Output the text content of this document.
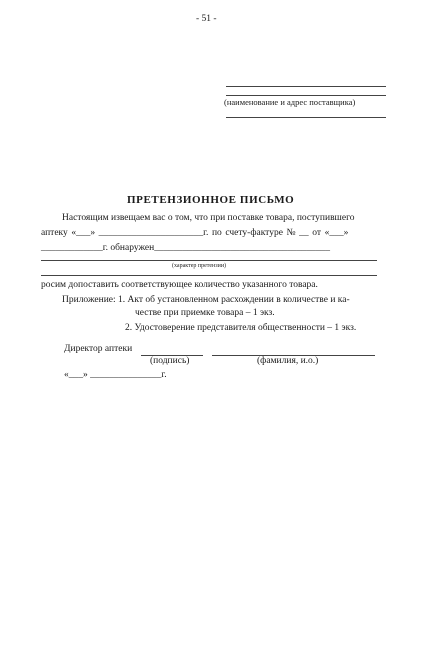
- 51 -
(наименование и адрес поставщика)
ПРЕТЕНЗИОННОЕ ПИСЬМО
Настоящим извещаем вас о том, что при поставке товара, поступившего
аптеку «___» ______________________г. по счету-фактуре № __ от «___»
_____________г. обнаружен_____________________________________
(характер претензии)
росим допоставить соответствующее количество указанного товара.
Приложение: 1. Акт об установленном расхождении в количестве и ка-
честве при приемке товара – 1 экз.
2. Удостоверение представителя общественности – 1 экз.
Директор аптеки
(подпись)	(фамилия, и.о.)
«___» _______________г.
